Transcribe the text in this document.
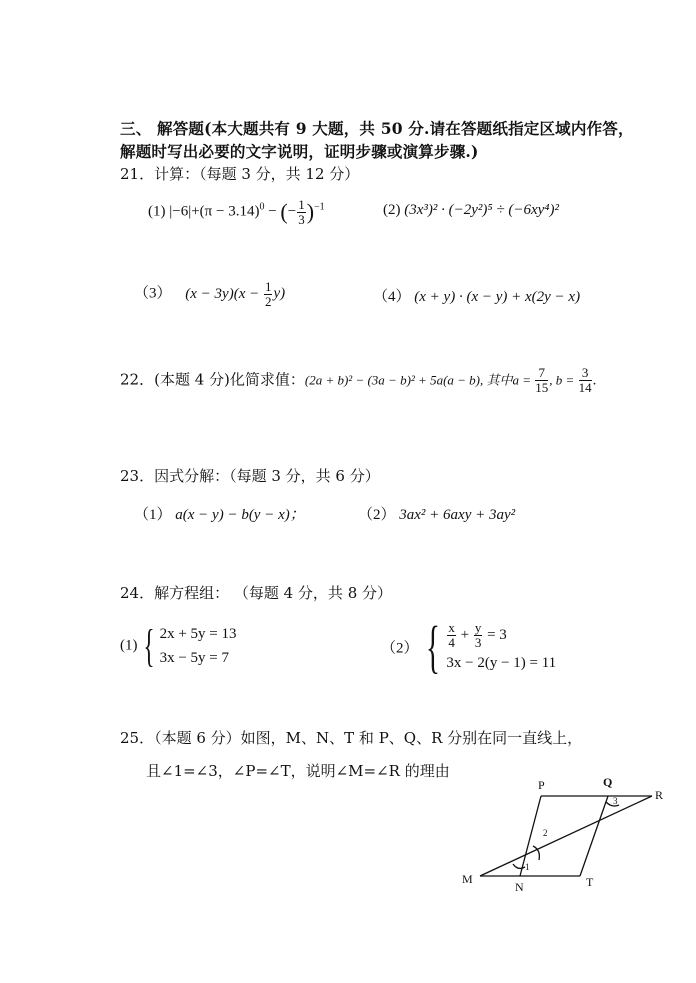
三、 解答题(本大题共有 9 大题，共 50 分.请在答题纸指定区域内作答，
解题时写出必要的文字说明，证明步骤或演算步骤.)
21．计算：（每题 3 分，共 12 分）
(1) $|-6|+(\pi - 3.14)^0$ − (− $\frac{1}{3} )^{-1}$	(2) (3x³)² · (−2y²)⁵ ÷ (−6xy⁴)²
（3） $(x - 3y)(x - \frac{1}{2} y)$	（4） (x + y) · (x − y) + x(2y − x)
22．(本题 4 分)化简求值：(2a + b)² − (3a − b)² + 5a(a − b), 其中$a = \frac{7}{15}$ , $b = \frac{3}{14}$ .
23．因式分解：（每题 3 分，共 6 分）
（1） a(x − y) − b(y − x)；	（2） 3ax² + 6axy + 3ay²
24．解方程组： （每题 4 分，共 8 分）
(1) { 2x + 5y = 13
3x − 5y = 7
（2） { $\frac{x}{4} + \frac{y}{3} = 3$
3x − 2(y − 1) = 11
25．（本题 6 分）如图，M、N、T 和 P、Q、R 分别在同一直线上，
且∠1=∠3，∠P=∠T，说明∠M=∠R 的理由
P	Q
R
M
N	T
1
2
3
